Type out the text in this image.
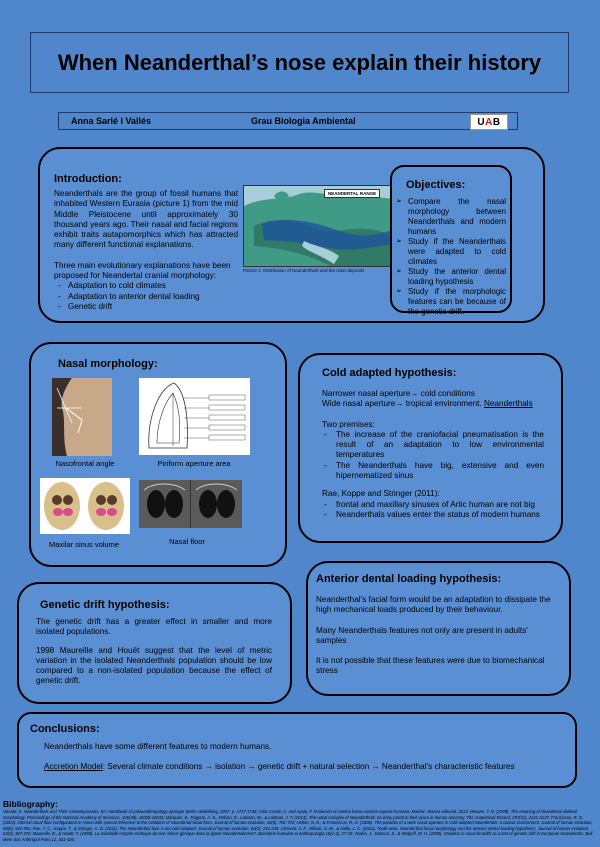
When Neanderthal’s nose explain their history
Anna Sarlé i Vallés	Grau Biologia Ambiental	U A B
Introduction:
Neanderthals are the group of fossil humans that inhabited Western Eurasia (picture 1) from the mid Middle Pleistocene until approximately 30 thousand years ago. Their nasal and facial regions exhibit traits autapomorphics which has attracted many different functional explanations.
Three main evolutionary explanations have been proposed for Neandertal cranial morphology:
- Adaptation to cold climates
- Adaptation to anterior dental loading
- Genetic drift
NEANDERTAL RANGE
Picture 1. Distribution of Neanderthals and the main deposits
Objectives:
➢ Compare the nasal morphology between Neanderthals and modern humans
➢ Study if the Neanderthals were adapted to cold climates
➢ Study the anterior dental loading hypothesis
➢ Study if the morphologic features can be because of the genetic drift.
Nasal morphology:
Nasofrontal angle	Piriform aperture area
Maxilar sinus volume	Nasal floor
Cold adapted hypothesis:
Narrower nasal aperture→ cold conditions
Wide nasal aperture→ tropical environment. Neanderthals
Two premises:
- The increase of the craniofacial pneumatisation is the result of an adaptation to low environmental temperatures
- The Neanderthals have big, extensive and even hipernematized sinus
Rae, Koppe and Stringer (2011):
- frontal and maxillary sinuses of Artic human are not big
- Neanderthals values enter the status of modern humans
Anterior dental loading hypothesis:
Neanderthal's facial form would be an adaptation to dissipate the high mechanical loads produced by their behaviour.
Many Neanderthals features not only are present in adults' samples
It is not possible that these features were due to biomechanical stress
Genetic drift hypothesis:
The genetic drift has a greater effect in smaller and more isolated populations.
1998 Maureille and Houët suggest that the level of metric variation in the isolated Neanderthals population should be low compared to a non-isolated population because the effect of genetic drift.
Conclusions:
Neanderthals have some different features to modern humans.
Accretion Model: Several climate conditions → isolation → genetic drift + natural selection → Neanderthal's characteristic features
Bibliography:
Harvati, K. Neanderthals and Their Contemporaries. En: Handbook of paleoanthropology Springer Berlin Heidelberg, 2007. p. 1717-1748; Cela Conde, C. and Ayala, F. Evolución el camino hacia nuestra especie humana. Madrid: Alianza editorial, 2013; Weaver, T. D. (2009). The meaning of Neandertal skeletal morphology. Proceedings of the National Academy of Sciences, 106(38), 16028-16033; Márquez, S., Pagano, A. S., Delson, E., Lawson, W., & Laitman, J. T. (2014). The nasal complex of Neanderthals: an entry portal to their place in human ancestry. The Anatomical Record, 297(11), 2121-2137; Franciscus, R. G. (2003). Internal nasal floor configuration in Homo with special reference to the evolution of Neandertal facial form. Journal of human evolution, 44(6), 701-729; Holton, N. E., & Franciscus, R. G. (2008). The paradox of a wide nasal aperture in cold-adapted Neandertals: a causal assessment. Journal of human evolution, 55(6), 942-951; Rae, T. C., Koppe, T., & Stringer, C. B. (2011). The Neanderthal face is not cold adapted. Journal of human evolution, 60(2), 234-239; Clement, A. F., Hillson, S. W., & Aiello, L. C. (2012). Tooth wear, Neanderthal facial morphology and the anterior dental loading hypothesis. Journal of human evolution, 62(3), 367-376; Maureille, B., & Houët, F. (1998). La variabilité morpho-métrique du nez: dérive génique dans la lignée Néandertalienne?. Biométrie humaine et anthropologie,16(1-2), 27-33; Yeakis, J., Dobson, S., & Wolpoff, M. H. (2000). Variation in nasal breadth as a test of genetic drift in European Neandertals. Bull Mem Soc Anthropol Paris,12, 431-436.
